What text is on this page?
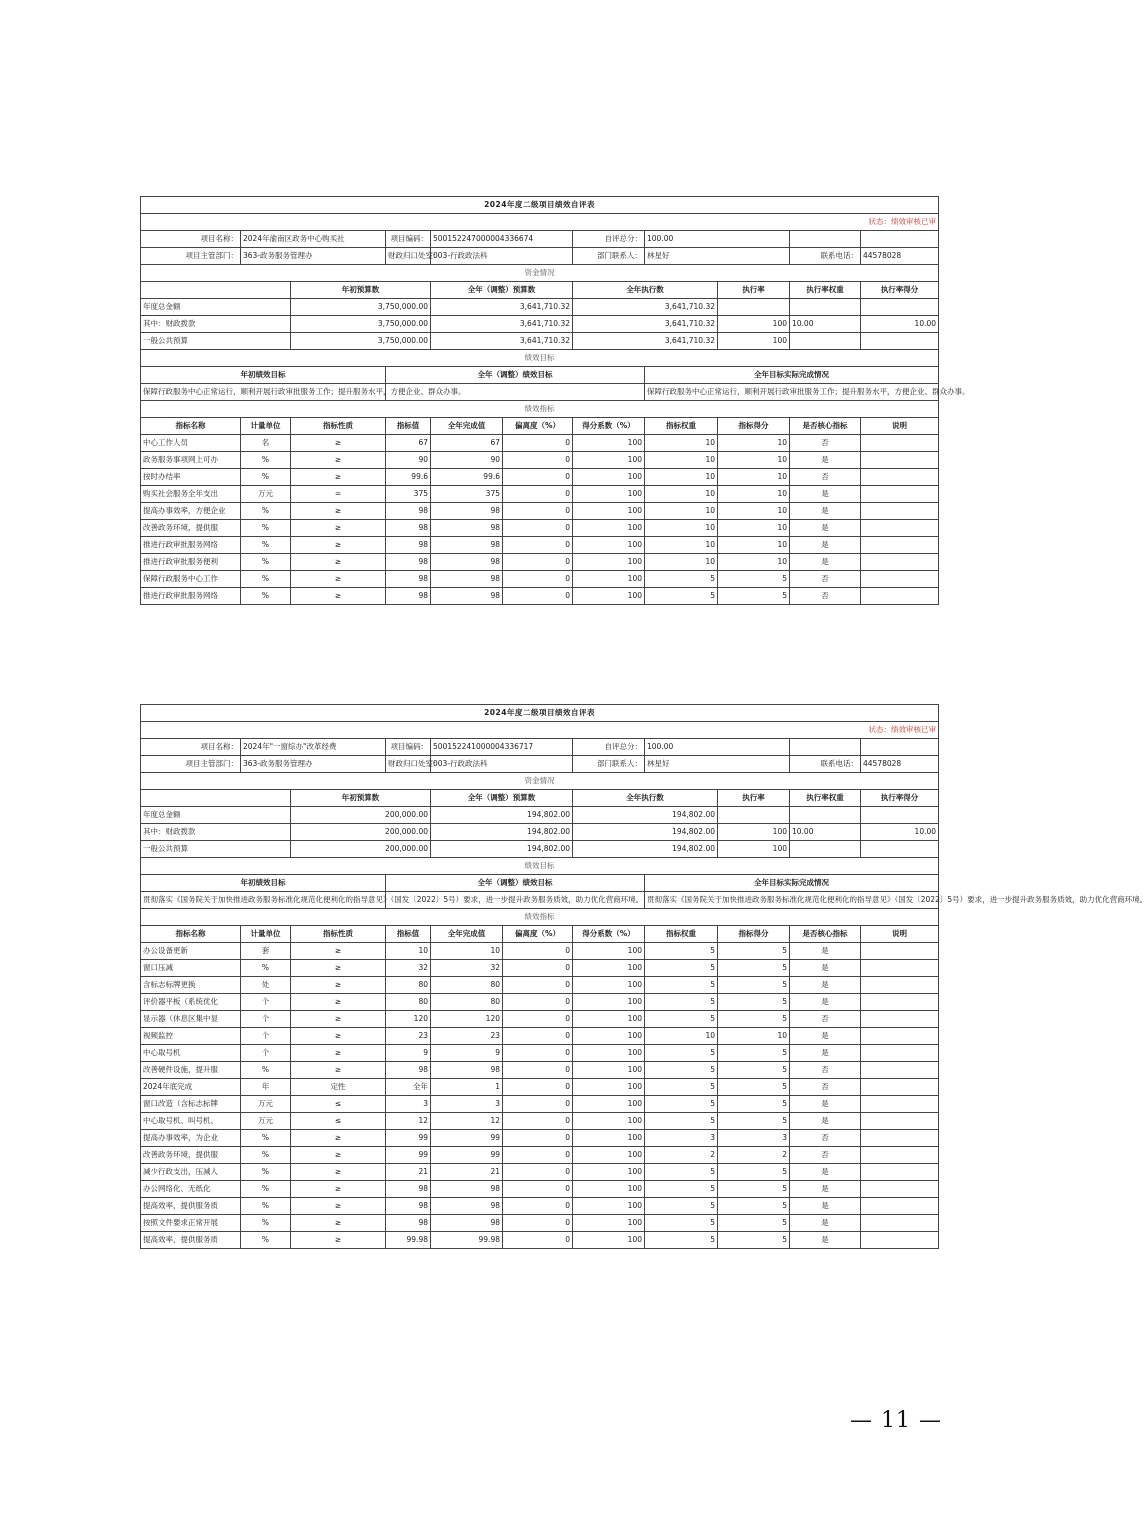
2024年度二级项目绩效自评表										
状态：绩效审核已审										
项目名称：	2024年渝南区政务中心购买社		项目编码：	500152247000004336674		自评总分：	100.00			
项目主管部门：	363-政务服务管理办		财政归口处室：	003-行政政法科		部门联系人：	林星好		联系电话：	44578028
资金情况										
		年初预算数		全年（调整）预算数		全年执行数		执行率	执行率权重	执行率得分
年度总金额		3,750,000.00		3,641,710.32		3,641,710.32				
其中：财政拨款		3,750,000.00		3,641,710.32		3,641,710.32		100	10.00	10.00
一般公共预算		3,750,000.00		3,641,710.32		3,641,710.32		100		
绩效目标										
年初绩效目标			全年（调整）绩效目标				全年目标实际完成情况			
保障行政服务中心正常运行，顺利开展行政审批服务工作；提升服务水平，方便企业、群众办事。							保障行政服务中心正常运行，顺利开展行政审批服务工作；提升服务水平，方便企业、群众办事。			
绩效指标										
指标名称	计量单位	指标性质	指标值	全年完成值	偏离度（%）	得分系数（%）	指标权重	指标得分	是否核心指标	说明
中心工作人员	名	≥	67	67	0	100	10	10	否	
政务服务事项网上可办	%	≥	90	90	0	100	10	10	是	
按时办结率	%	≥	99.6	99.6	0	100	10	10	否	
购买社会服务全年支出	万元	=	375	375	0	100	10	10	是	
提高办事效率，方便企业	%	≥	98	98	0	100	10	10	是	
改善政务环境，提供服	%	≥	98	98	0	100	10	10	是	
推进行政审批服务网络	%	≥	98	98	0	100	10	10	是	
推进行政审批服务便利	%	≥	98	98	0	100	10	10	是	
保障行政服务中心工作	%	≥	98	98	0	100	5	5	否	
推进行政审批服务网络	%	≥	98	98	0	100	5	5	否	
2024年度二级项目绩效自评表										
状态：绩效审核已审										
项目名称：	2024年"一窗综办"改革经费		项目编码：	500152241000004336717		自评总分：	100.00			
项目主管部门：	363-政务服务管理办		财政归口处室：	003-行政政法科		部门联系人：	林星好		联系电话：	44578028
资金情况										
		年初预算数		全年（调整）预算数		全年执行数		执行率	执行率权重	执行率得分
年度总金额		200,000.00		194,802.00		194,802.00				
其中：财政拨款		200,000.00		194,802.00		194,802.00		100	10.00	10.00
一般公共预算		200,000.00		194,802.00		194,802.00		100		
绩效目标										
年初绩效目标			全年（调整）绩效目标				全年目标实际完成情况			
贯彻落实《国务院关于加快推进政务服务标准化规范化便利化的指导意见》（国发〔2022〕5号）要求，进一步提升政务服务质效，助力优化营商环境。							贯彻落实《国务院关于加快推进政务服务标准化规范化便利化的指导意见》（国发〔2022〕5号）要求，进一步提升政务服务质效，助力优化营商环境。			
绩效指标										
指标名称	计量单位	指标性质	指标值	全年完成值	偏离度（%）	得分系数（%）	指标权重	指标得分	是否核心指标	说明
办公设备更新	套	≥	10	10	0	100	5	5	是	
窗口压减	%	≥	32	32	0	100	5	5	是	
含标志标牌更换	处	≥	80	80	0	100	5	5	是	
评价器平板（系统优化	个	≥	80	80	0	100	5	5	是	
显示器（休息区集中显	个	≥	120	120	0	100	5	5	否	
视频监控	个	≥	23	23	0	100	10	10	是	
中心取号机	个	≥	9	9	0	100	5	5	是	
改善硬件设施，提升服	%	≥	98	98	0	100	5	5	否	
2024年底完成	年	定性	全年	1	0	100	5	5	否	
窗口改造（含标志标牌	万元	≤	3	3	0	100	5	5	是	
中心取号机、叫号机、	万元	≤	12	12	0	100	5	5	是	
提高办事效率，为企业	%	≥	99	99	0	100	3	3	否	
改善政务环境，提供服	%	≥	99	99	0	100	2	2	否	
减少行政支出，压减人	%	≥	21	21	0	100	5	5	是	
办公网络化、无纸化	%	≥	98	98	0	100	5	5	是	
提高效率，提供服务质	%	≥	98	98	0	100	5	5	是	
按照文件要求正常开展	%	≥	98	98	0	100	5	5	是	
提高效率，提供服务质	%	≥	99.98	99.98	0	100	5	5	是	
— 11 —
